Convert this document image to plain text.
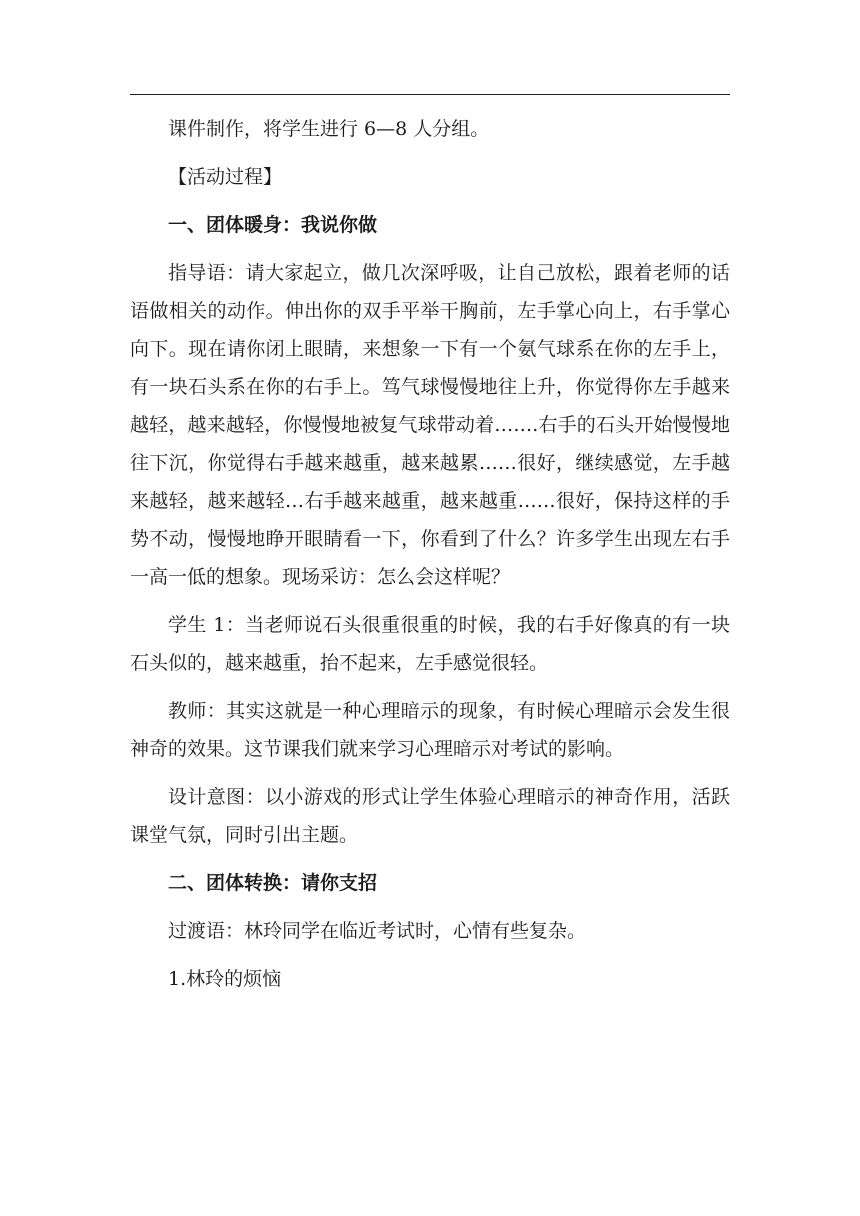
课件制作，将学生进行 6—8 人分组。

【活动过程】

一、团体暖身：我说你做

指导语：请大家起立，做几次深呼吸，让自己放松，跟着老师的话语做相关的动作。伸出你的双手平举干胸前，左手掌心向上，右手掌心向下。现在请你闭上眼睛，来想象一下有一个氨气球系在你的左手上，有一块石头系在你的右手上。笃气球慢慢地往上升，你觉得你左手越来越轻，越来越轻，你慢慢地被复气球带动着…….右手的石头开始慢慢地往下沉，你觉得右手越来越重，越来越累……很好，继续感觉，左手越来越轻，越来越轻…右手越来越重，越来越重……很好，保持这样的手势不动，慢慢地睁开眼睛看一下，你看到了什么？许多学生出现左右手一高一低的想象。现场采访：怎么会这样呢？

学生 1：当老师说石头很重很重的时候，我的右手好像真的有一块石头似的，越来越重，抬不起来，左手感觉很轻。

教师：其实这就是一种心理暗示的现象，有时候心理暗示会发生很神奇的效果。这节课我们就来学习心理暗示对考试的影响。

设计意图：以小游戏的形式让学生体验心理暗示的神奇作用，活跃课堂气氛，同时引出主题。

二、团体转换：请你支招

过渡语：林玲同学在临近考试时，心情有些复杂。

1.林玲的烦恼
